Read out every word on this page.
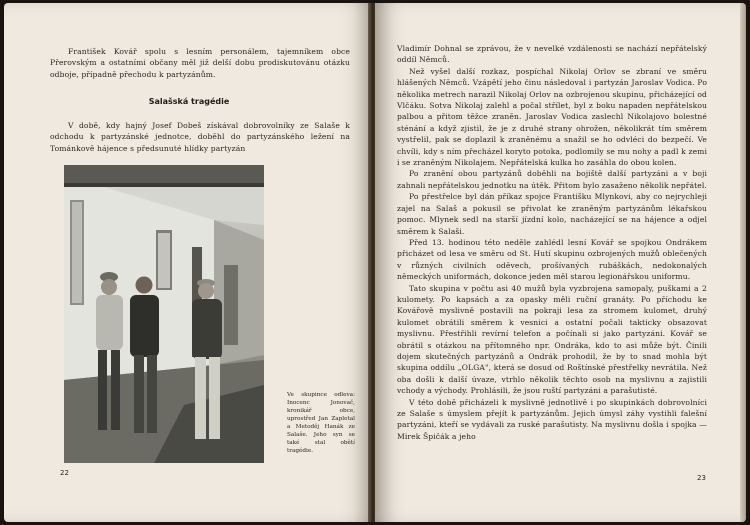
František Kovář spolu s lesním personálem, tajemníkem obce Přerovským a ostatními občany měl již delší dobu prodiskutovánu otázku odboje, případně přechodu k partyzánům.

Salašská tragédie

V době, kdy hajný Josef Dobeš získával dobrovolníky ze Salaše k odchodu k partyzánské jednotce, doběhl do partyzánského ležení na Tománkově hájence s předsunuté hlídky partyzán

Ve skupince odleva: Inocenc Jonovač, kronikář obce, uprostřed Jan Zapletal a Metoděj Hanák ze Salaše. Jeho syn se také stal obětí tragédie.
22

Vladimír Dohnal se zprávou, že v nevelké vzdálenosti se nachází nepřátelský oddíl Němců.

Než vyšel další rozkaz, pospíchal Nikolaj Orlov se zbraní ve směru hlášených Němců. Vzápětí jeho činu následoval i partyzán Jaroslav Vodica. Po několika metrech narazil Nikolaj Orlov na ozbrojenou skupinu, přicházející od Vlčáku. Sotva Nikolaj zalehl a počal střílet, byl z boku napaden nepřátelskou palbou a přitom těžce zraněn. Jaroslav Vodica zaslechl Nikolajovo bolestné sténání a když zjistil, že je z druhé strany ohrožen, několikrát tím směrem vystřelil, pak se doplazil k zraněnému a snažil se ho odvléci do bezpečí. Ve chvíli, kdy s ním přecházel koryto potoka, podlomily se mu nohy a padl k zemi i se zraněným Nikolajem. Nepřátelská kulka ho zasáhla do obou kolen.

Po zranění obou partyzánů doběhli na bojiště další partyzáni a v boji zahnali nepřátelskou jednotku na útěk. Přitom bylo zasaženo několik nepřátel.

Po přestřelce byl dán příkaz spojce Františku Mlynkovi, aby co nejrychleji zajel na Salaš a pokusil se přivolat ke zraněným partyzánům lékařskou pomoc. Mlynek sedl na starší jízdní kolo, nacházející se na hájence a odjel směrem k Salaši.

Před 13. hodinou této neděle zahlédl lesní Kovář se spojkou Ondrákem přicházet od lesa ve směru od St. Hutí skupinu ozbrojených mužů oblečených v různých civilních oděvech, prošívaných rubáškách, nedokonalých německých uniformách, dokonce jeden měl starou legionářskou uniformu.

Tato skupina v počtu asi 40 mužů byla vyzbrojena samopaly, puškami a 2 kulomety. Po kapsách a za opasky měli ruční granáty. Po příchodu ke Kovářově myslivně postavili na pokraji lesa za stromem kulomet, druhý kulomet obrátili směrem k vesnici a ostatní počali takticky obsazovat myslivnu. Přestřihli revírní telefon a počínali si jako partyzáni. Kovář se obrátil s otázkou na přítomného npr. Ondráka, kdo to asi může být. Činili dojem skutečných partyzánů a Ondrák prohodil, že by to snad mohla být skupina oddílu „OLGA", která se dosud od Roštínské přestřelky nevrátila. Než oba došli k další úvaze, vtrhlo několik těchto osob na myslivnu a zajistili vchody a východy. Prohlásili, že jsou ruští partyzáni a parašutisté.

V této době přicházeli k myslivně jednotlivě i po skupinkách dobrovolníci ze Salaše s úmyslem přejít k partyzánům. Jejich úmysl záhy vystihli falešní partyzáni, kteří se vydávali za ruské parašutisty. Na myslivnu došla i spojka — Mirek Špičák a jeho

23
